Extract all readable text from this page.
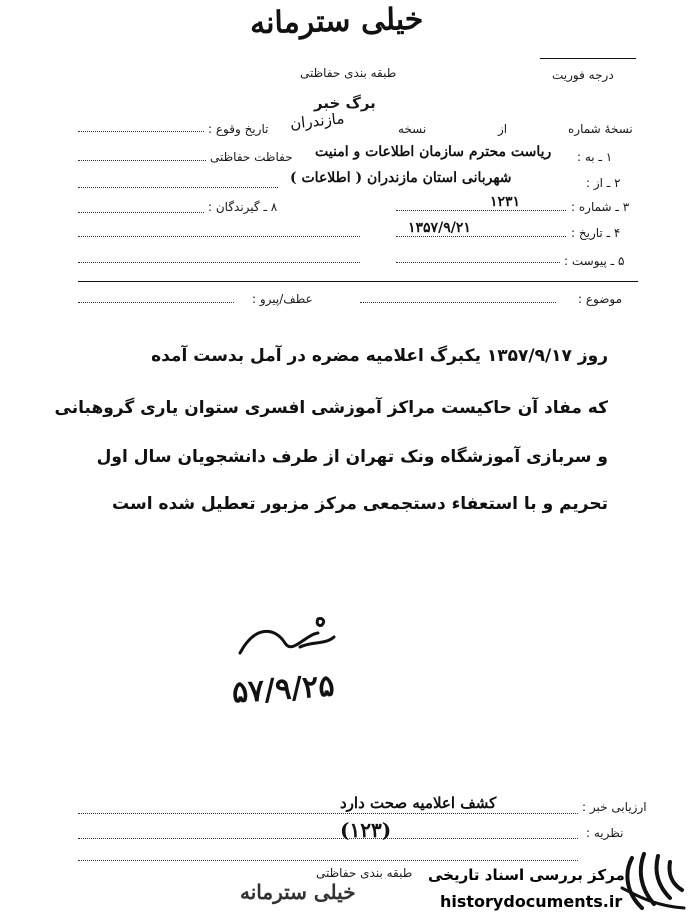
خیلی سترمانه
طبقه بندی حفاظتی	درجه فوریت
برگ خبر
نسخهٔ شماره
از
نسخه
مازندران
تاریخ وقوع :
۱ ـ به :
ریاست محترم سازمان اطلاعات و امنیت
حفاظت حفاظتی
۲ ـ از :
شهربانی استان مازندران ( اطلاعات )
۳ ـ شماره :
۱۲۳۱
۸ ـ گیرندگان :
۴ ـ تاریخ :
۱۳۵۷/۹/۲۱
۵ ـ پیوست :
موضوع :
عطف/پیرو :
روز ۱۳۵۷/۹/۱۷ یکبرگ اعلامیه مضره در آمل بدست آمده
که مفاد آن حاکیست مراکز آموزشی افسری ستوان یاری گروهبانی
و سربازی آموزشگاه ونک تهران از طرف دانشجویان سال اول
تحریم و با استعفاء دستجمعی مرکز مزبور تعطیل شده است
۵۷/۹/۲۵
ارزیابی خبر :
کشف اعلامیه صحت دارد
نظریه :
(۱۲۳)
طبقه بندی حفاظتی
خیلی سترمانه
مرکز بررسی اسناد تاریخی
historydocuments.ir
